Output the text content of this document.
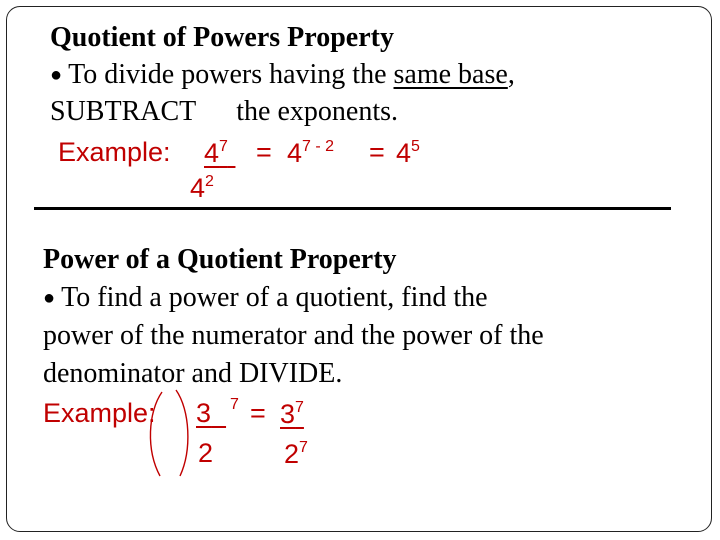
Quotient of Powers Property
● To divide powers having the same base,
SUBTRACT the exponents.
Example: $4^7 = 4^{7 - 2} = 4^5$
$4^2$
Power of a Quotient Property
● To find a power of a quotient, find the
power of the numerator and the power of the
denominator and DIVIDE.
Example: 3	$7 = 3^7$
2	$2^7$
